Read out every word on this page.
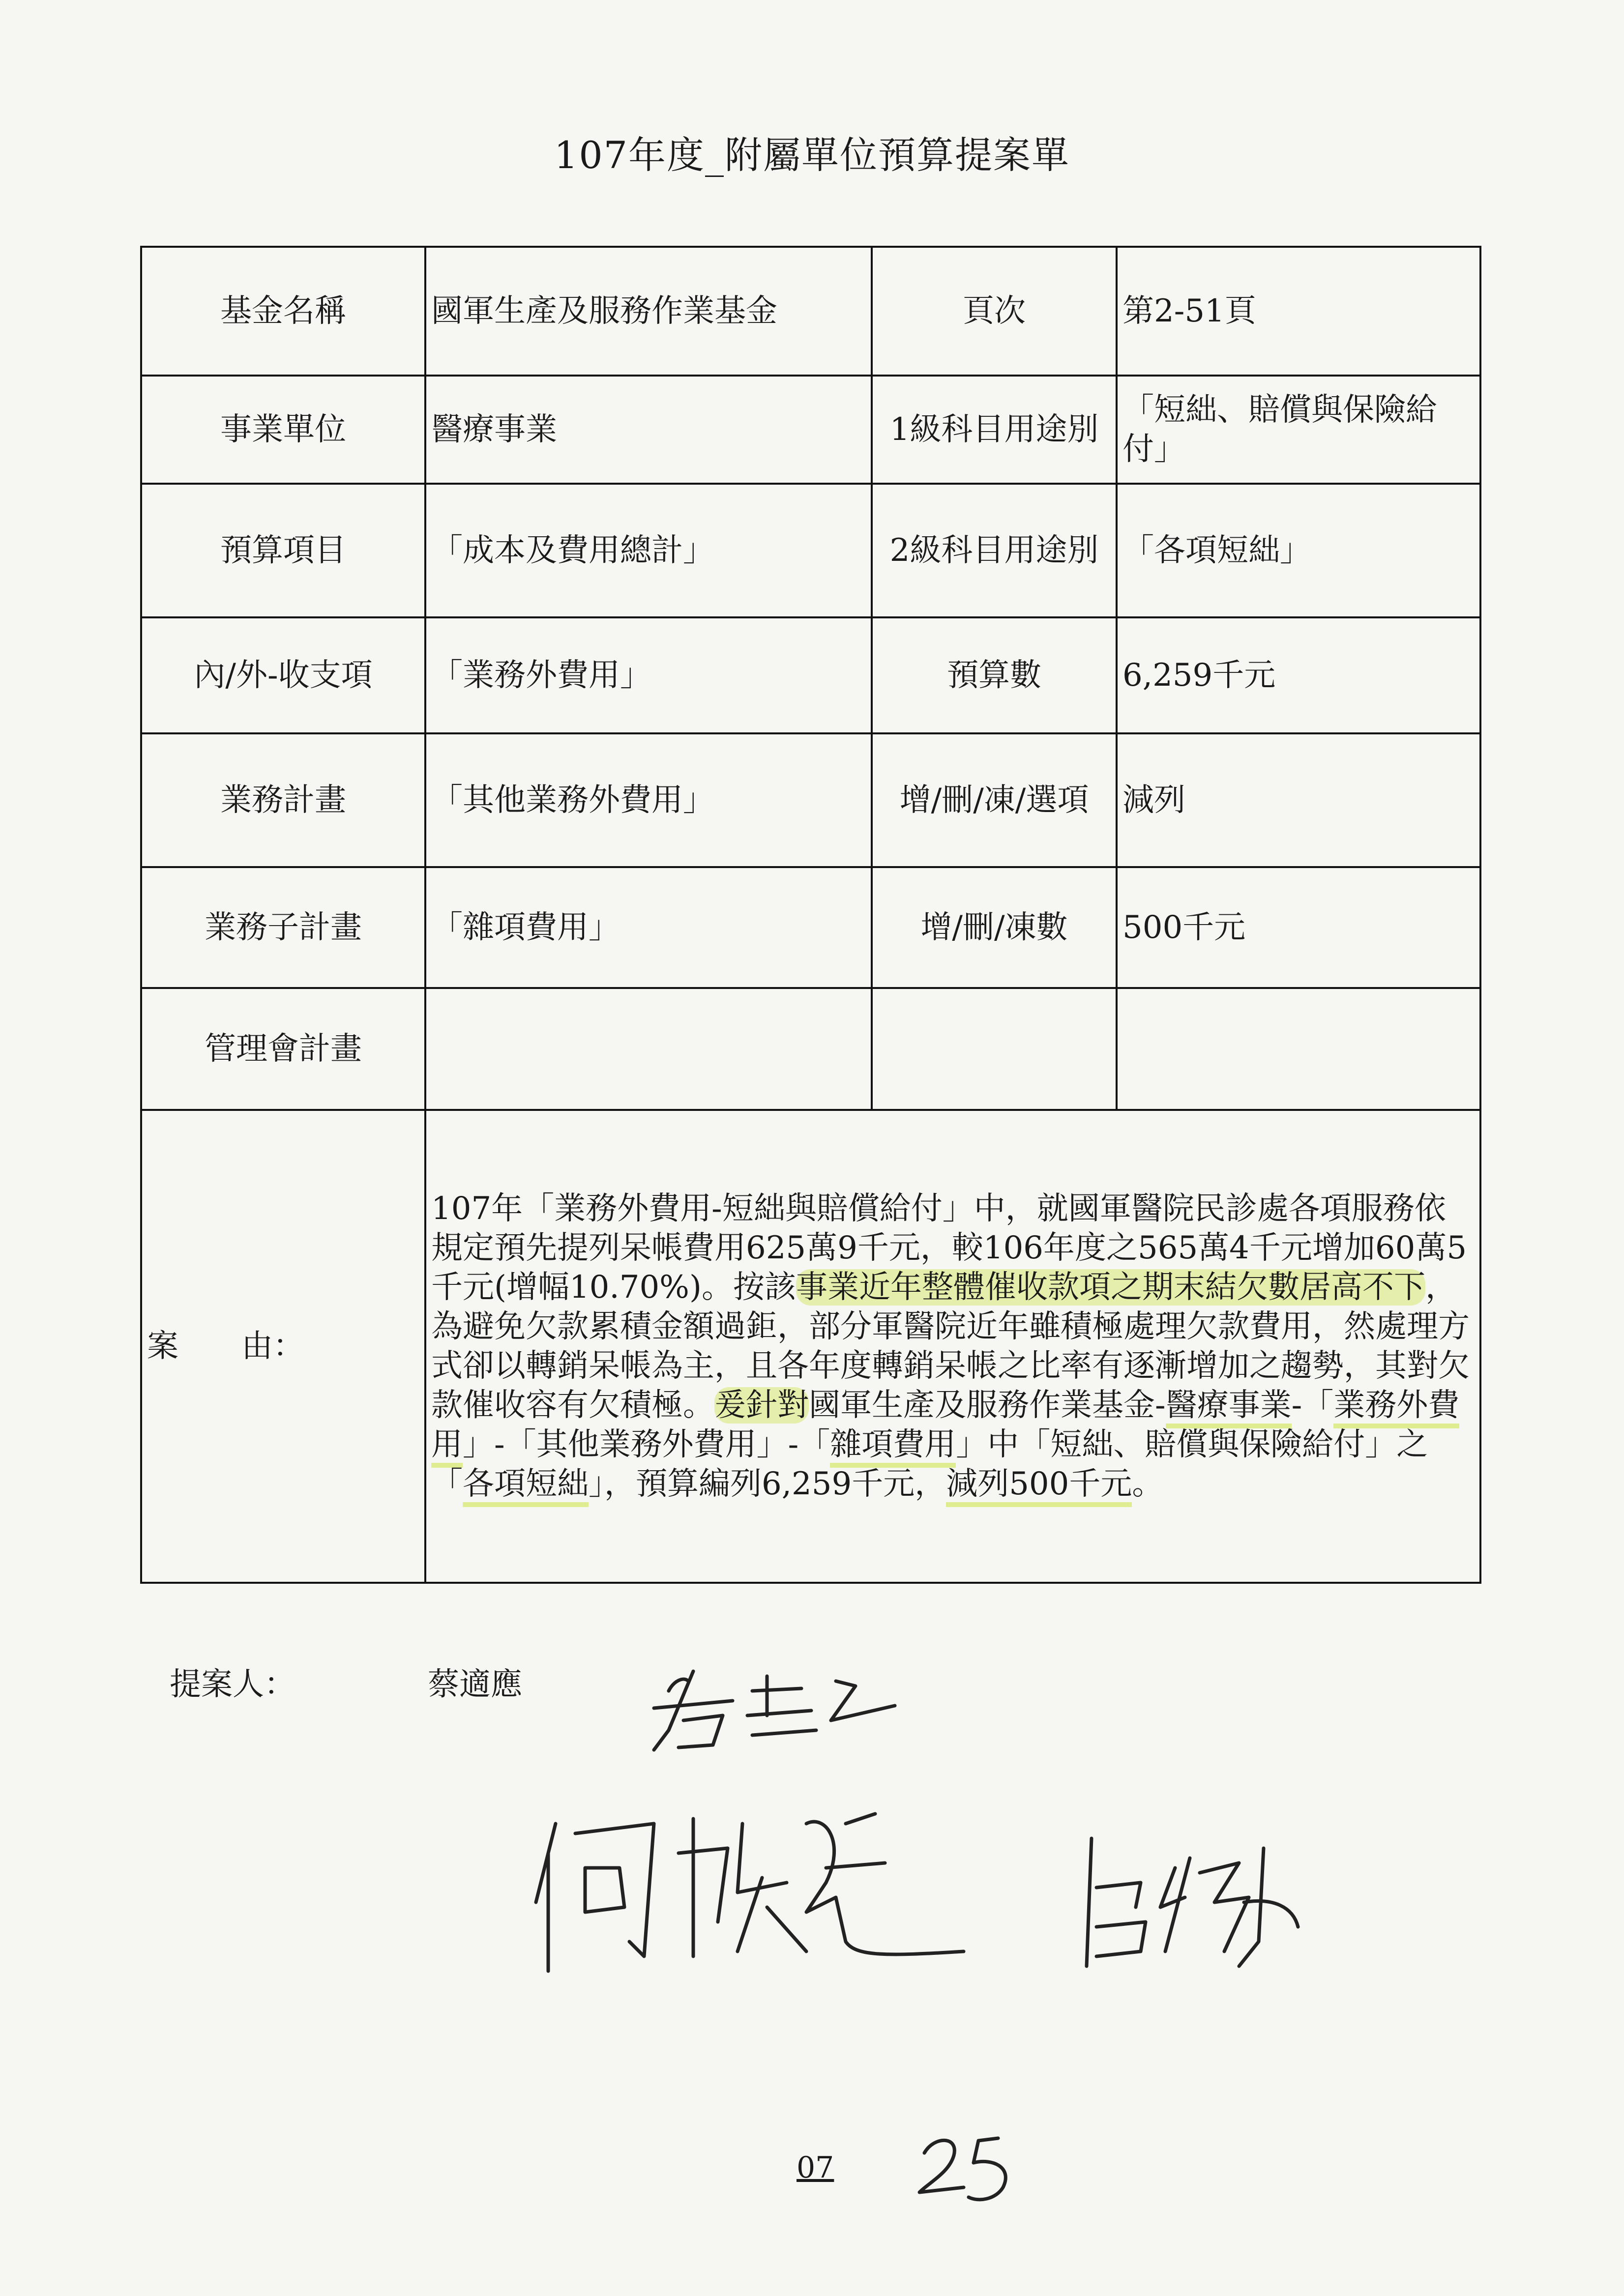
107年度_附屬單位預算提案單
基金名稱	國軍生產及服務作業基金	頁次	第2-51頁
事業單位	醫療事業	1級科目用途別	「短絀、賠償與保險給付」
預算項目	「成本及費用總計」	2級科目用途別	「各項短絀」
內/外-收支項	「業務外費用」	預算數	6,259千元
業務計畫	「其他業務外費用」	增/刪/凍/選項	減列
業務子計畫	「雜項費用」	增/刪/凍數	500千元
管理會計畫			
案　　由：	107年「業務外費用-短絀與賠償給付」中，就國軍醫院民診處各項服務依規定預先提列呆帳費用625萬9千元，較106年度之565萬4千元增加60萬5千元(增幅10.70%)。按該事業近年整體催收款項之期末結欠數居高不下，為避免欠款累積金額過鉅，部分軍醫院近年雖積極處理欠款費用，然處理方式卻以轉銷呆帳為主，且各年度轉銷呆帳之比率有逐漸增加之趨勢，其對欠款催收容有欠積極。爰針對國軍生產及服務作業基金-醫療事業-「業務外費用」-「其他業務外費用」-「雜項費用」中「短絀、賠償與保險給付」之「各項短絀」，預算編列6,259千元，減列500千元。		
提案人：	蔡適應
07
